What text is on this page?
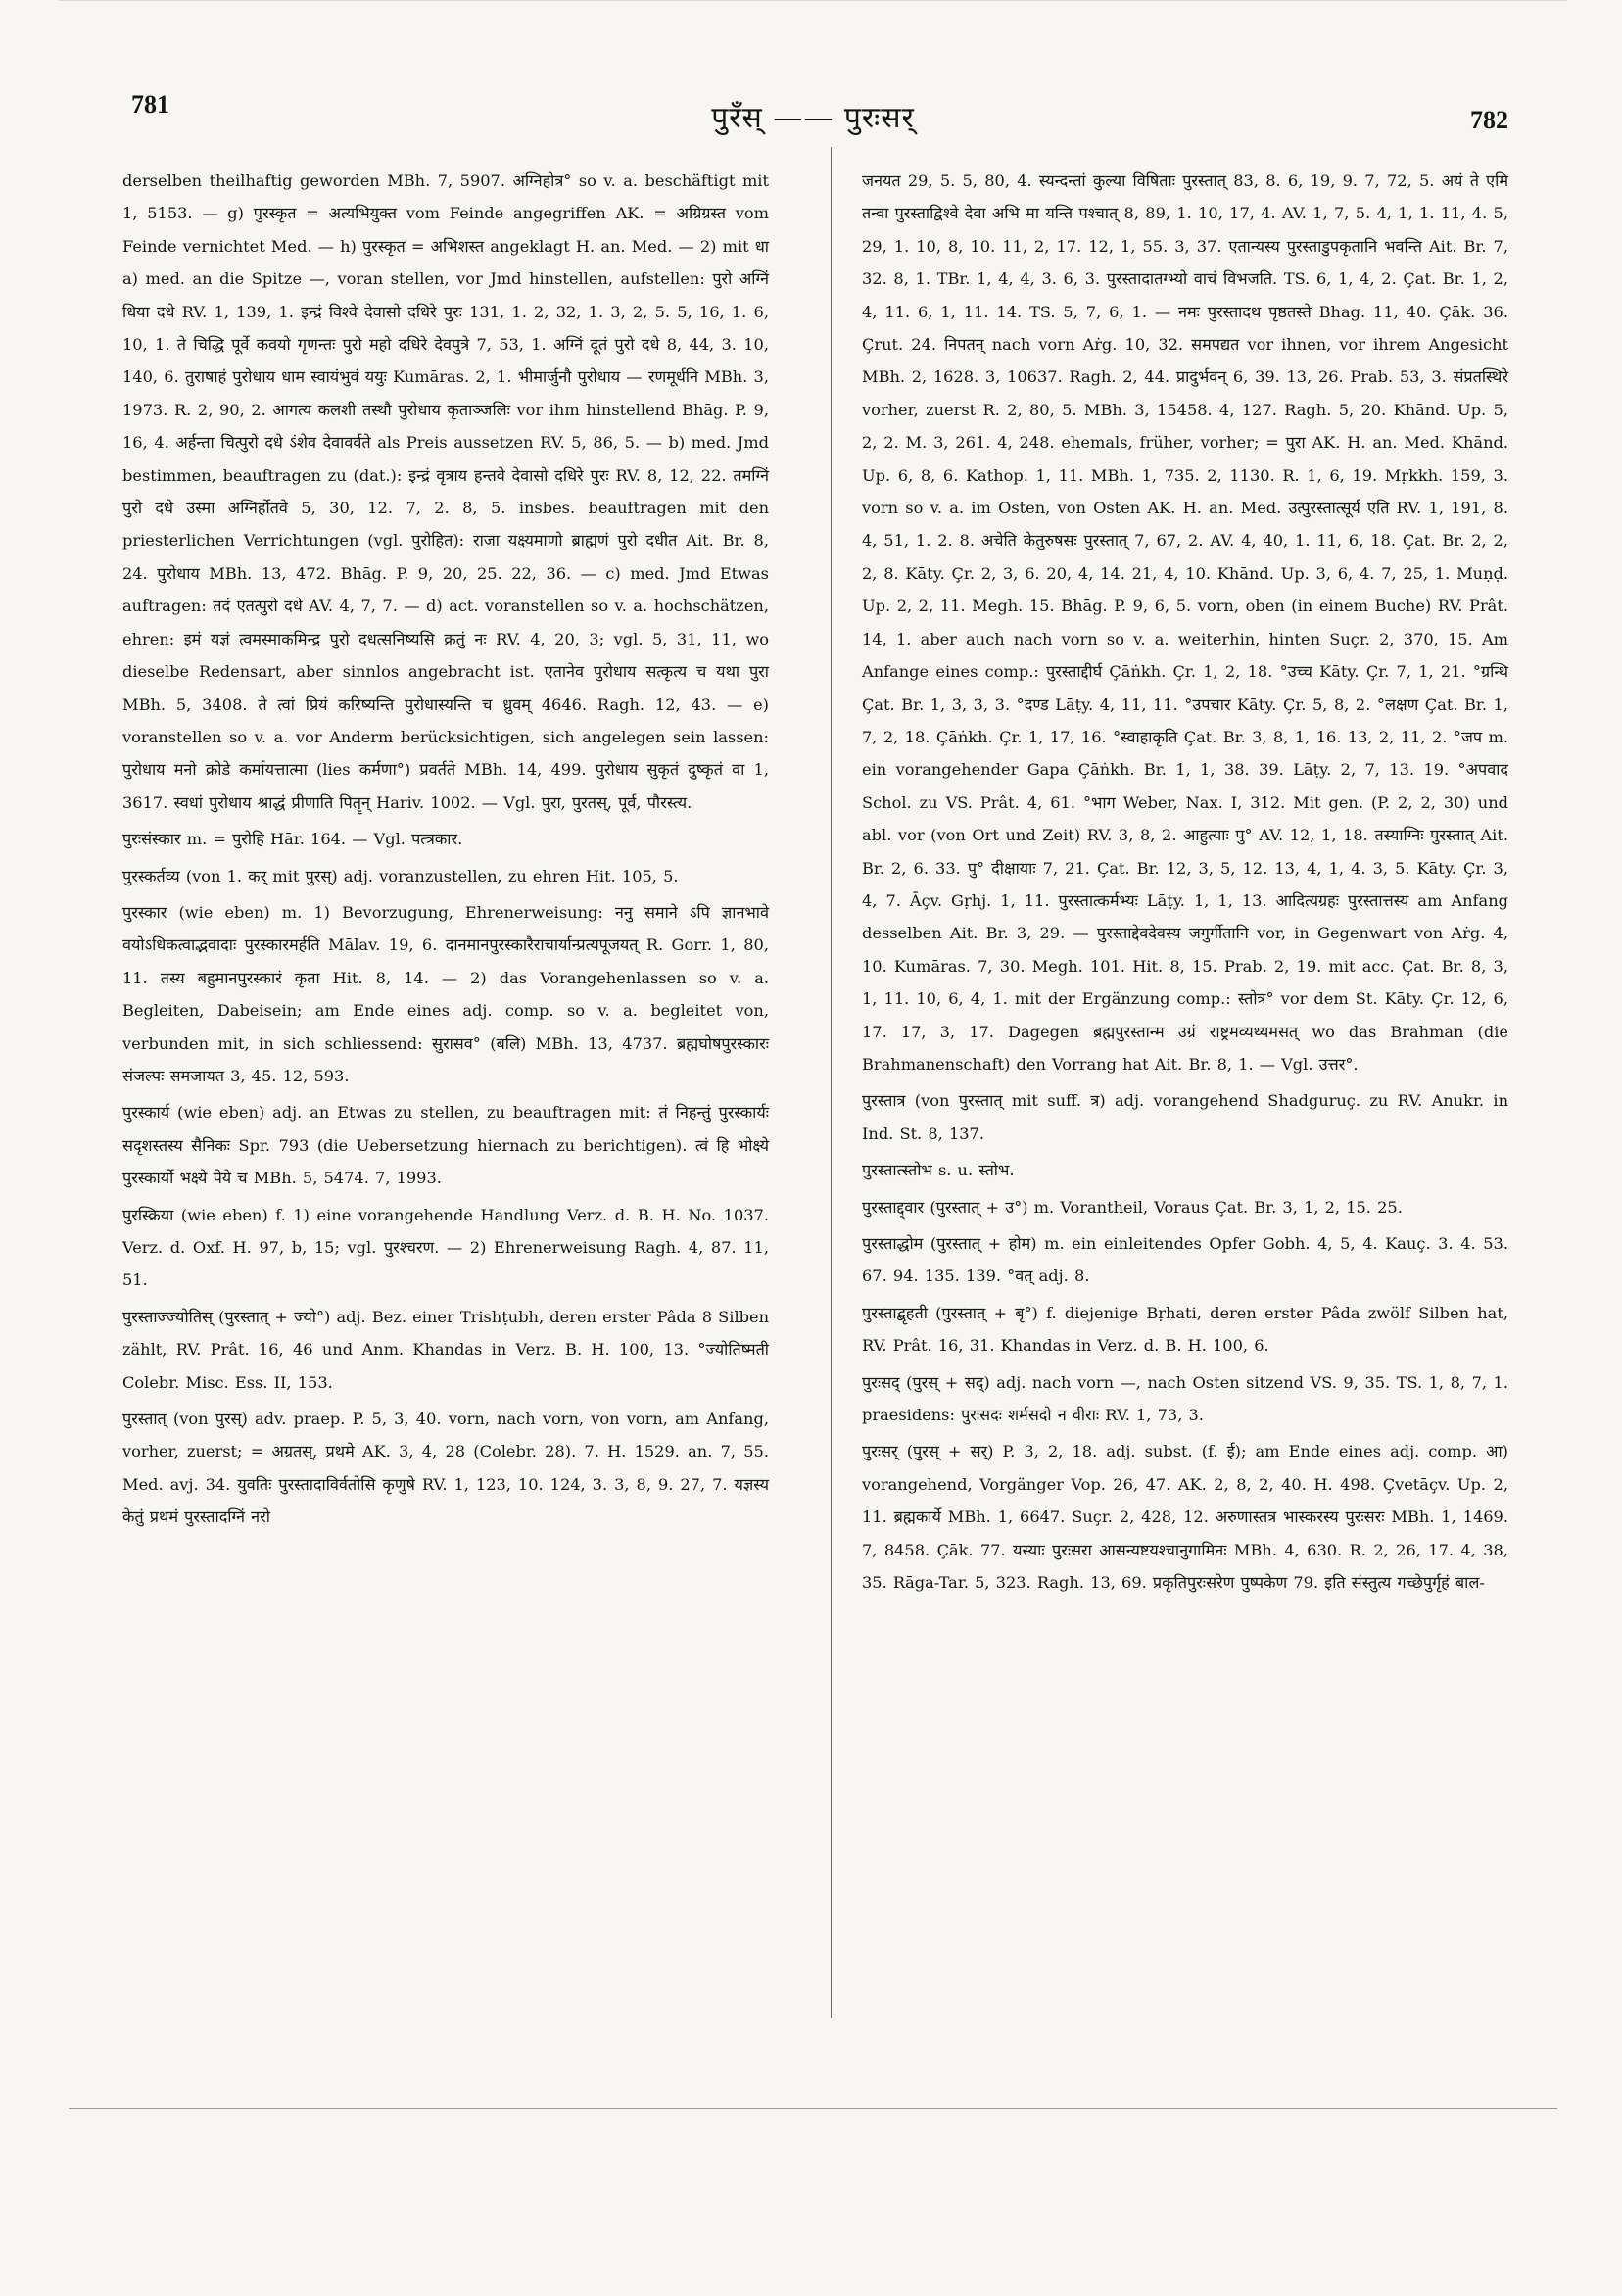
781	पुरँस् —— पुरःसर्	782

derselben theilhaftig geworden MBh. 7, 5907. अग्निहोत्र° so v. a. beschäftigt mit 1, 5153. — g) पुरस्कृत = अत्यभियुक्त vom Feinde angegriffen AK. = अग्रिग्रस्त vom Feinde vernichtet Med. — h) पुरस्कृत = अभिशस्त angeklagt H. an. Med. — 2) mit धा a) med. an die Spitze —, voran stellen, vor Jmd hinstellen, aufstellen: पुरो अग्निं धिया दधे RV. 1, 139, 1. इन्द्रं विश्वे देवासो दधिरे पुरः 131, 1. 2, 32, 1. 3, 2, 5. 5, 16, 1. 6, 10, 1. ते चिद्धि पूर्वे कवयो गृणन्तः पुरो महो दधिरे देवपुत्रे 7, 53, 1. अग्निं दूतं पुरो दधे 8, 44, 3. 10, 140, 6. तुराषाहं पुरोधाय धाम स्वायंभुवं ययुः Kumāras. 2, 1. भीमार्जुनौ पुरोधाय — रणमूर्धनि MBh. 3, 1973. R. 2, 90, 2. आगत्य कलशी तस्थौ पुरोधाय कृताञ्जलिः vor ihm hinstellend Bhāg. P. 9, 16, 4. अर्हन्ता चित्पुरो दधे ऽंशेव देवावर्वते als Preis aussetzen RV. 5, 86, 5. — b) med. Jmd bestimmen, beauftragen zu (dat.): इन्द्रं वृत्राय हन्तवे देवासो दधिरे पुरः RV. 8, 12, 22. तमग्निं पुरो दधे उस्मा अग्निर्होतवे 5, 30, 12. 7, 2. 8, 5. insbes. beauftragen mit den priesterlichen Verrichtungen (vgl. पुरोहित): राजा यक्ष्यमाणो ब्राह्मणं पुरो दधीत Ait. Br. 8, 24. पुरोधाय MBh. 13, 472. Bhāg. P. 9, 20, 25. 22, 36. — c) med. Jmd Etwas auftragen: तदं एतत्पुरो दधे AV. 4, 7, 7. — d) act. voranstellen so v. a. hochschätzen, ehren: इमं यज्ञं त्वमस्माकमिन्द्र पुरो दधत्सनिष्यसि क्रतुं नः RV. 4, 20, 3; vgl. 5, 31, 11, wo dieselbe Redensart, aber sinnlos angebracht ist. एतानेव पुरोधाय सत्कृत्य च यथा पुरा MBh. 5, 3408. ते त्वां प्रियं करिष्यन्ति पुरोधास्यन्ति च ध्रुवम् 4646. Ragh. 12, 43. — e) voranstellen so v. a. vor Anderm berücksichtigen, sich angelegen sein lassen: पुरोधाय मनो क्रोडे कर्मायत्तात्मा (lies कर्मणा°) प्रवर्तते MBh. 14, 499. पुरोधाय सुकृतं दुष्कृतं वा 1, 3617. स्वधां पुरोधाय श्राद्धं प्रीणाति पितॄन् Hariv. 1002. — Vgl. पुरा, पुरतस्, पूर्व, पौरस्त्य.

पुरःसंस्कार m. = पुरोहि Hār. 164. — Vgl. पत्त्रकार.

पुरस्कर्तव्य (von 1. कर् mit पुरस्) adj. voranzustellen, zu ehren Hit. 105, 5.

पुरस्कार (wie eben) m. 1) Bevorzugung, Ehrenerweisung: ननु समाने ऽपि ज्ञानभावे वयोऽधिकत्वाद्भवादाः पुरस्कारमर्हति Mālav. 19, 6. दानमानपुरस्कारैराचार्यान्प्रत्यपूजयत् R. Gorr. 1, 80, 11. तस्य बहुमानपुरस्कारं कृता Hit. 8, 14. — 2) das Vorangehenlassen so v. a. Begleiten, Dabeisein; am Ende eines adj. comp. so v. a. begleitet von, verbunden mit, in sich schliessend: सुरासव° (बलि) MBh. 13, 4737. ब्रह्मघोषपुरस्कारः संजल्पः समजायत 3, 45. 12, 593.

पुरस्कार्य (wie eben) adj. an Etwas zu stellen, zu beauftragen mit: तं निहन्तुं पुरस्कार्यः सदृशस्तस्य सैनिकः Spr. 793 (die Uebersetzung hiernach zu berichtigen). त्वं हि भोक्ष्ये पुरस्कार्यो भक्ष्ये पेये च MBh. 5, 5474. 7, 1993.

पुरस्क्रिया (wie eben) f. 1) eine vorangehende Handlung Verz. d. B. H. No. 1037. Verz. d. Oxf. H. 97, b, 15; vgl. पुरश्चरण. — 2) Ehrenerweisung Ragh. 4, 87. 11, 51.

पुरस्ताज्ज्योतिस् (पुरस्तात् + ज्यो°) adj. Bez. einer Trishṭubh, deren erster Pâda 8 Silben zählt, RV. Prât. 16, 46 und Anm. Khandas in Verz. B. H. 100, 13. °ज्योतिष्मती Colebr. Misc. Ess. II, 153.

पुरस्तात् (von पुरस्) adv. praep. P. 5, 3, 40. vorn, nach vorn, von vorn, am Anfang, vorher, zuerst; = अग्रतस्, प्रथमे AK. 3, 4, 28 (Colebr. 28). 7. H. 1529. an. 7, 55. Med. avj. 34. युवतिः पुरस्तादाविर्वतोसि कृणुषे RV. 1, 123, 10. 124, 3. 3, 8, 9. 27, 7. यज्ञस्य केतुं प्रथमं पुरस्तादग्निं नरो

जनयत 29, 5. 5, 80, 4. स्यन्दन्तां कुल्या विषिताः पुरस्तात् 83, 8. 6, 19, 9. 7, 72, 5. अयं ते एमि तन्वा पुरस्ताद्विश्वे देवा अभि मा यन्ति पश्चात् 8, 89, 1. 10, 17, 4. AV. 1, 7, 5. 4, 1, 1. 11, 4. 5, 29, 1. 10, 8, 10. 11, 2, 17. 12, 1, 55. 3, 37. एतान्यस्य पुरस्ताडुपकृतानि भवन्ति Ait. Br. 7, 32. 8, 1. TBr. 1, 4, 4, 3. 6, 3. पुरस्तादातग्भ्यो वाचं विभजति. TS. 6, 1, 4, 2. Çat. Br. 1, 2, 4, 11. 6, 1, 11. 14. TS. 5, 7, 6, 1. — नमः पुरस्तादथ पृष्ठतस्ते Bhag. 11, 40. Çāk. 36. Çrut. 24. निपतन् nach vorn Aṙg. 10, 32. समपद्यत vor ihnen, vor ihrem Angesicht MBh. 2, 1628. 3, 10637. Ragh. 2, 44. प्रादुर्भवन् 6, 39. 13, 26. Prab. 53, 3. संप्रतस्थिरे vorher, zuerst R. 2, 80, 5. MBh. 3, 15458. 4, 127. Ragh. 5, 20. Khānd. Up. 5, 2, 2. M. 3, 261. 4, 248. ehemals, früher, vorher; = पुरा AK. H. an. Med. Khānd. Up. 6, 8, 6. Kathop. 1, 11. MBh. 1, 735. 2, 1130. R. 1, 6, 19. Mṛkkh. 159, 3. vorn so v. a. im Osten, von Osten AK. H. an. Med. उत्पुरस्तात्सूर्य एति RV. 1, 191, 8. 4, 51, 1. 2. 8. अचेति केतुरुषसः पुरस्तात् 7, 67, 2. AV. 4, 40, 1. 11, 6, 18. Çat. Br. 2, 2, 2, 8. Kāty. Çr. 2, 3, 6. 20, 4, 14. 21, 4, 10. Khānd. Up. 3, 6, 4. 7, 25, 1. Muṇḍ. Up. 2, 2, 11. Megh. 15. Bhāg. P. 9, 6, 5. vorn, oben (in einem Buche) RV. Prât. 14, 1. aber auch nach vorn so v. a. weiterhin, hinten Suçr. 2, 370, 15. Am Anfange eines comp.: पुरस्ताद्दीर्घ Çāṅkh. Çr. 1, 2, 18. °उच्च Kāty. Çr. 7, 1, 21. °ग्रन्थि Çat. Br. 1, 3, 3, 3. °दण्ड Lāṭy. 4, 11, 11. °उपचार Kāty. Çr. 5, 8, 2. °लक्षण Çat. Br. 1, 7, 2, 18. Çāṅkh. Çr. 1, 17, 16. °स्वाहाकृति Çat. Br. 3, 8, 1, 16. 13, 2, 11, 2. °जप m. ein vorangehender Gapa Çāṅkh. Br. 1, 1, 38. 39. Lāṭy. 2, 7, 13. 19. °अपवाद Schol. zu VS. Prât. 4, 61. °भाग Weber, Nax. I, 312. Mit gen. (P. 2, 2, 30) und abl. vor (von Ort und Zeit) RV. 3, 8, 2. आहुत्याः पु° AV. 12, 1, 18. तस्याग्निः पुरस्तात् Ait. Br. 2, 6. 33. पु° दीक्षायाः 7, 21. Çat. Br. 12, 3, 5, 12. 13, 4, 1, 4. 3, 5. Kāty. Çr. 3, 4, 7. Āçv. Gṛhj. 1, 11. पुरस्तात्कर्मभ्यः Lāṭy. 1, 1, 13. आदित्यग्रहः पुरस्तात्तस्य am Anfang desselben Ait. Br. 3, 29. — पुरस्ताद्देवदेवस्य जगुर्गीतानि vor, in Gegenwart von Aṙg. 4, 10. Kumāras. 7, 30. Megh. 101. Hit. 8, 15. Prab. 2, 19. mit acc. Çat. Br. 8, 3, 1, 11. 10, 6, 4, 1. mit der Ergänzung comp.: स्तोत्र° vor dem St. Kāty. Çr. 12, 6, 17. 17, 3, 17. Dagegen ब्रह्मपुरस्तान्म उग्रं राष्ट्रमव्यथ्यमसत् wo das Brahman (die Brahmanenschaft) den Vorrang hat Ait. Br. 8, 1. — Vgl. उत्तर°.

पुरस्तात्र (von पुरस्तात् mit suff. त्र) adj. vorangehend Shadguruç. zu RV. Anukr. in Ind. St. 8, 137.

पुरस्तात्स्तोभ s. u. स्तोभ.

पुरस्ताद्द्वार (पुरस्तात् + उ°) m. Vorantheil, Voraus Çat. Br. 3, 1, 2, 15. 25.

पुरस्ताद्धोम (पुरस्तात् + होम) m. ein einleitendes Opfer Gobh. 4, 5, 4. Kauç. 3. 4. 53. 67. 94. 135. 139. °वत् adj. 8.

पुरस्ताद्बृहती (पुरस्तात् + बृ°) f. diejenige Bṛhati, deren erster Pâda zwölf Silben hat, RV. Prât. 16, 31. Khandas in Verz. d. B. H. 100, 6.

पुरःसद् (पुरस् + सद्) adj. nach vorn —, nach Osten sitzend VS. 9, 35. TS. 1, 8, 7, 1. praesidens: पुरःसदः शर्मसदो न वीराः RV. 1, 73, 3.

पुरःसर् (पुरस् + सर्) P. 3, 2, 18. adj. subst. (f. ई); am Ende eines adj. comp. आ) vorangehend, Vorgänger Vop. 26, 47. AK. 2, 8, 2, 40. H. 498. Çvetāçv. Up. 2, 11. ब्रह्मकार्ये MBh. 1, 6647. Suçr. 2, 428, 12. अरुणास्तत्र भास्करस्य पुरःसरः MBh. 1, 1469. 7, 8458. Çāk. 77. यस्याः पुरःसरा आसन्यष्टयश्चानुगामिनः MBh. 4, 630. R. 2, 26, 17. 4, 38, 35. Rāga-Tar. 5, 323. Ragh. 13, 69. प्रकृतिपुरःसरेण पुष्पकेण 79. इति संस्तुत्य गच्छेपुर्गृहं बाल-
